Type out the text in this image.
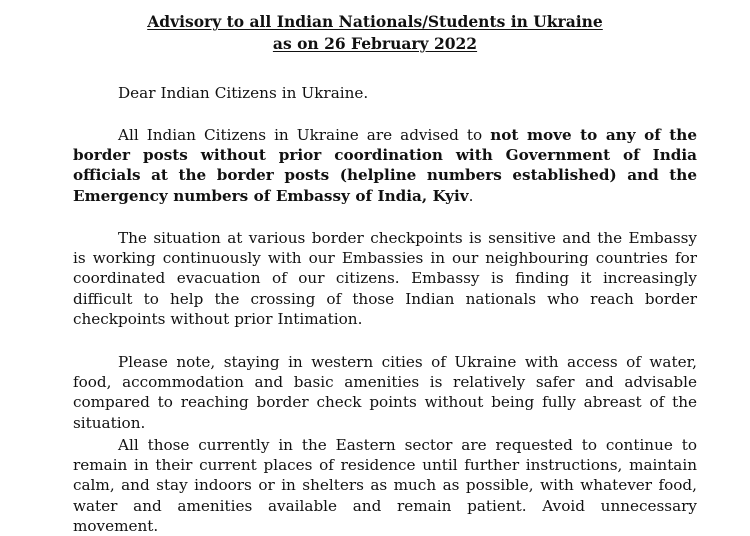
Advisory to all Indian Nationals/Students in Ukraine
as on 26 February 2022

Dear Indian Citizens in Ukraine.

All Indian Citizens in Ukraine are advised to not move to any of the border posts without prior coordination with Government of India officials at the border posts (helpline numbers established) and the Emergency numbers of Embassy of India, Kyiv.

The situation at various border checkpoints is sensitive and the Embassy is working continuously with our Embassies in our neighbouring countries for coordinated evacuation of our citizens. Embassy is finding it increasingly difficult to help the crossing of those Indian nationals who reach border checkpoints without prior Intimation.

Please note, staying in western cities of Ukraine with access of water, food, accommodation and basic amenities is relatively safer and advisable compared to reaching border check points without being fully abreast of the situation.

All those currently in the Eastern sector are requested to continue to remain in their current places of residence until further instructions, maintain calm, and stay indoors or in shelters as much as possible, with whatever food, water and amenities available and remain patient. Avoid unnecessary movement.
